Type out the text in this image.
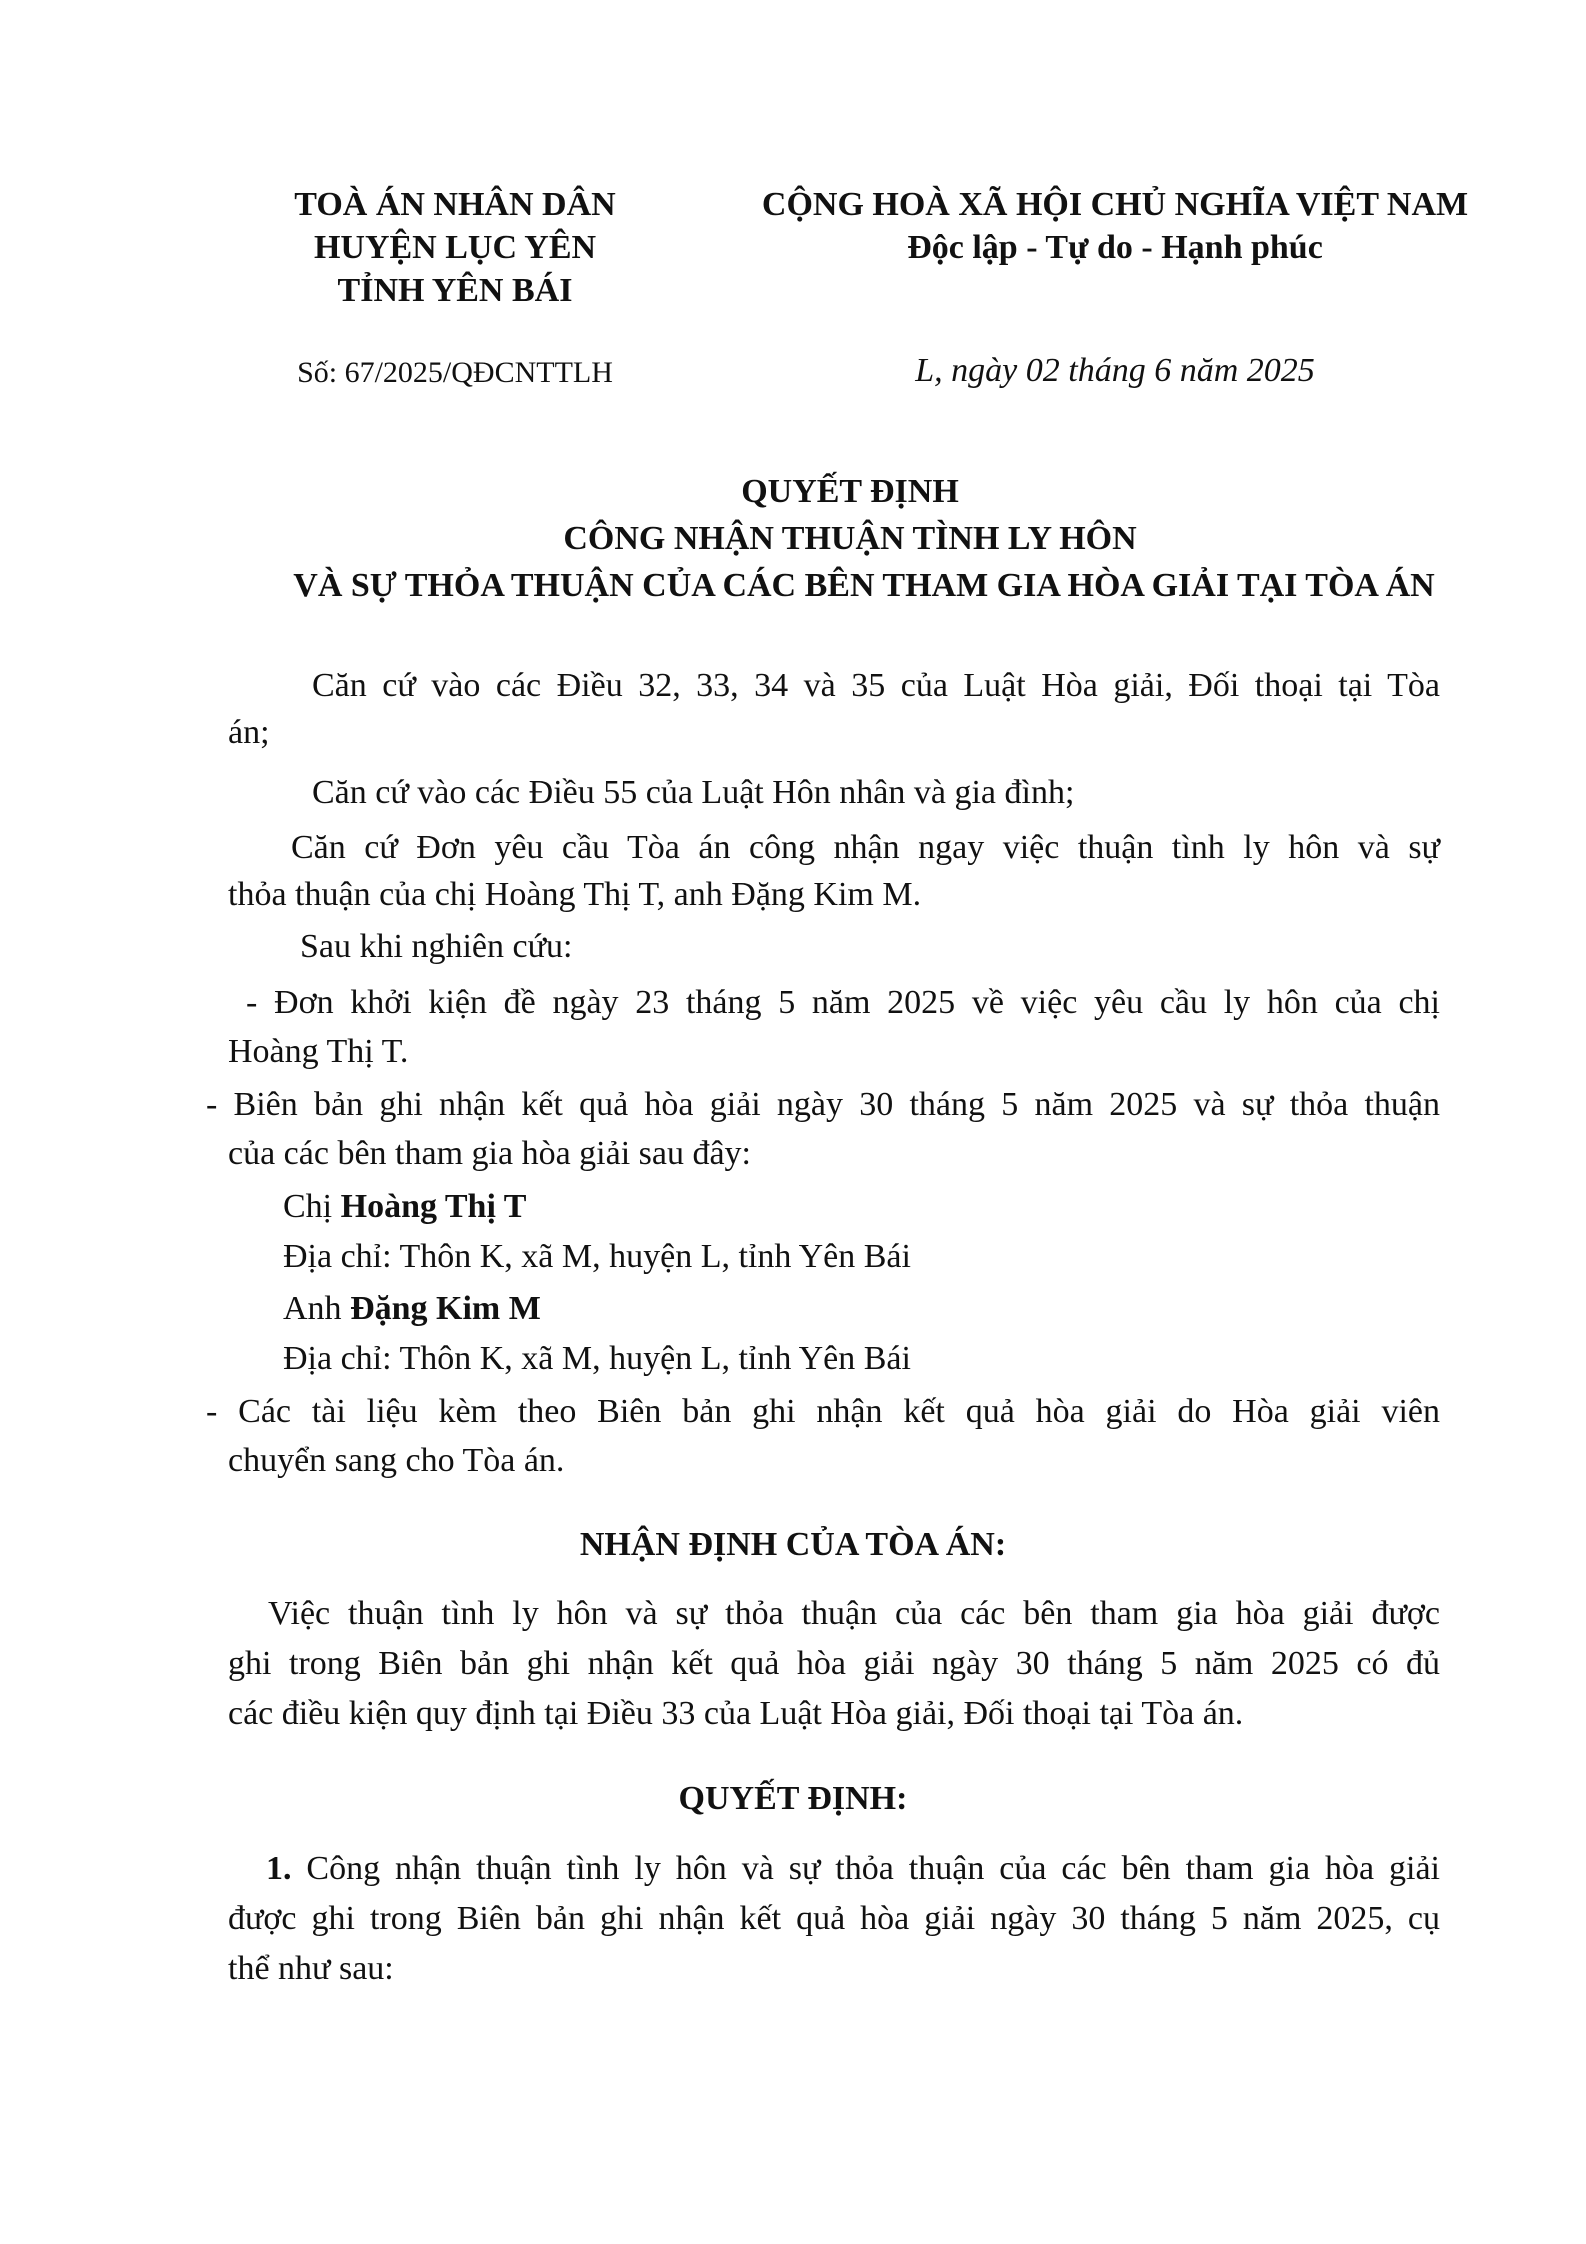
TOÀ ÁN NHÂN DÂN
HUYỆN LỤC YÊN
TỈNH YÊN BÁI
CỘNG HOÀ XÃ HỘI CHỦ NGHĨA VIỆT NAM
Độc lập - Tự do - Hạnh phúc
Số: 67/2025/QĐCNTTLH	L, ngày 02 tháng 6 năm 2025
QUYẾT ĐỊNH
CÔNG NHẬN THUẬN TÌNH LY HÔN
VÀ SỰ THỎA THUẬN CỦA CÁC BÊN THAM GIA HÒA GIẢI TẠI TÒA ÁN
Căn cứ vào các Điều 32, 33, 34 và 35 của Luật Hòa giải, Đối thoại tại Tòa
án;
Căn cứ vào các Điều 55 của Luật Hôn nhân và gia đình;
Căn cứ Đơn yêu cầu Tòa án công nhận ngay việc thuận tình ly hôn và sự
thỏa thuận của chị Hoàng Thị T, anh Đặng Kim M.
Sau khi nghiên cứu:
- Đơn khởi kiện đề ngày 23 tháng 5 năm 2025 về việc yêu cầu ly hôn của chị
Hoàng Thị T.
- Biên bản ghi nhận kết quả hòa giải ngày 30 tháng 5 năm 2025 và sự thỏa thuận
của các bên tham gia hòa giải sau đây:
Chị Hoàng Thị T
Địa chỉ: Thôn K, xã M, huyện L, tỉnh Yên Bái
Anh Đặng Kim M
Địa chỉ: Thôn K, xã M, huyện L, tỉnh Yên Bái
- Các tài liệu kèm theo Biên bản ghi nhận kết quả hòa giải do Hòa giải viên
chuyển sang cho Tòa án.
NHẬN ĐỊNH CỦA TÒA ÁN:
Việc thuận tình ly hôn và sự thỏa thuận của các bên tham gia hòa giải được
ghi trong Biên bản ghi nhận kết quả hòa giải ngày 30 tháng 5 năm 2025 có đủ
các điều kiện quy định tại Điều 33 của Luật Hòa giải, Đối thoại tại Tòa án.
QUYẾT ĐỊNH:
1. Công nhận thuận tình ly hôn và sự thỏa thuận của các bên tham gia hòa giải
được ghi trong Biên bản ghi nhận kết quả hòa giải ngày 30 tháng 5 năm 2025, cụ
thể như sau:
